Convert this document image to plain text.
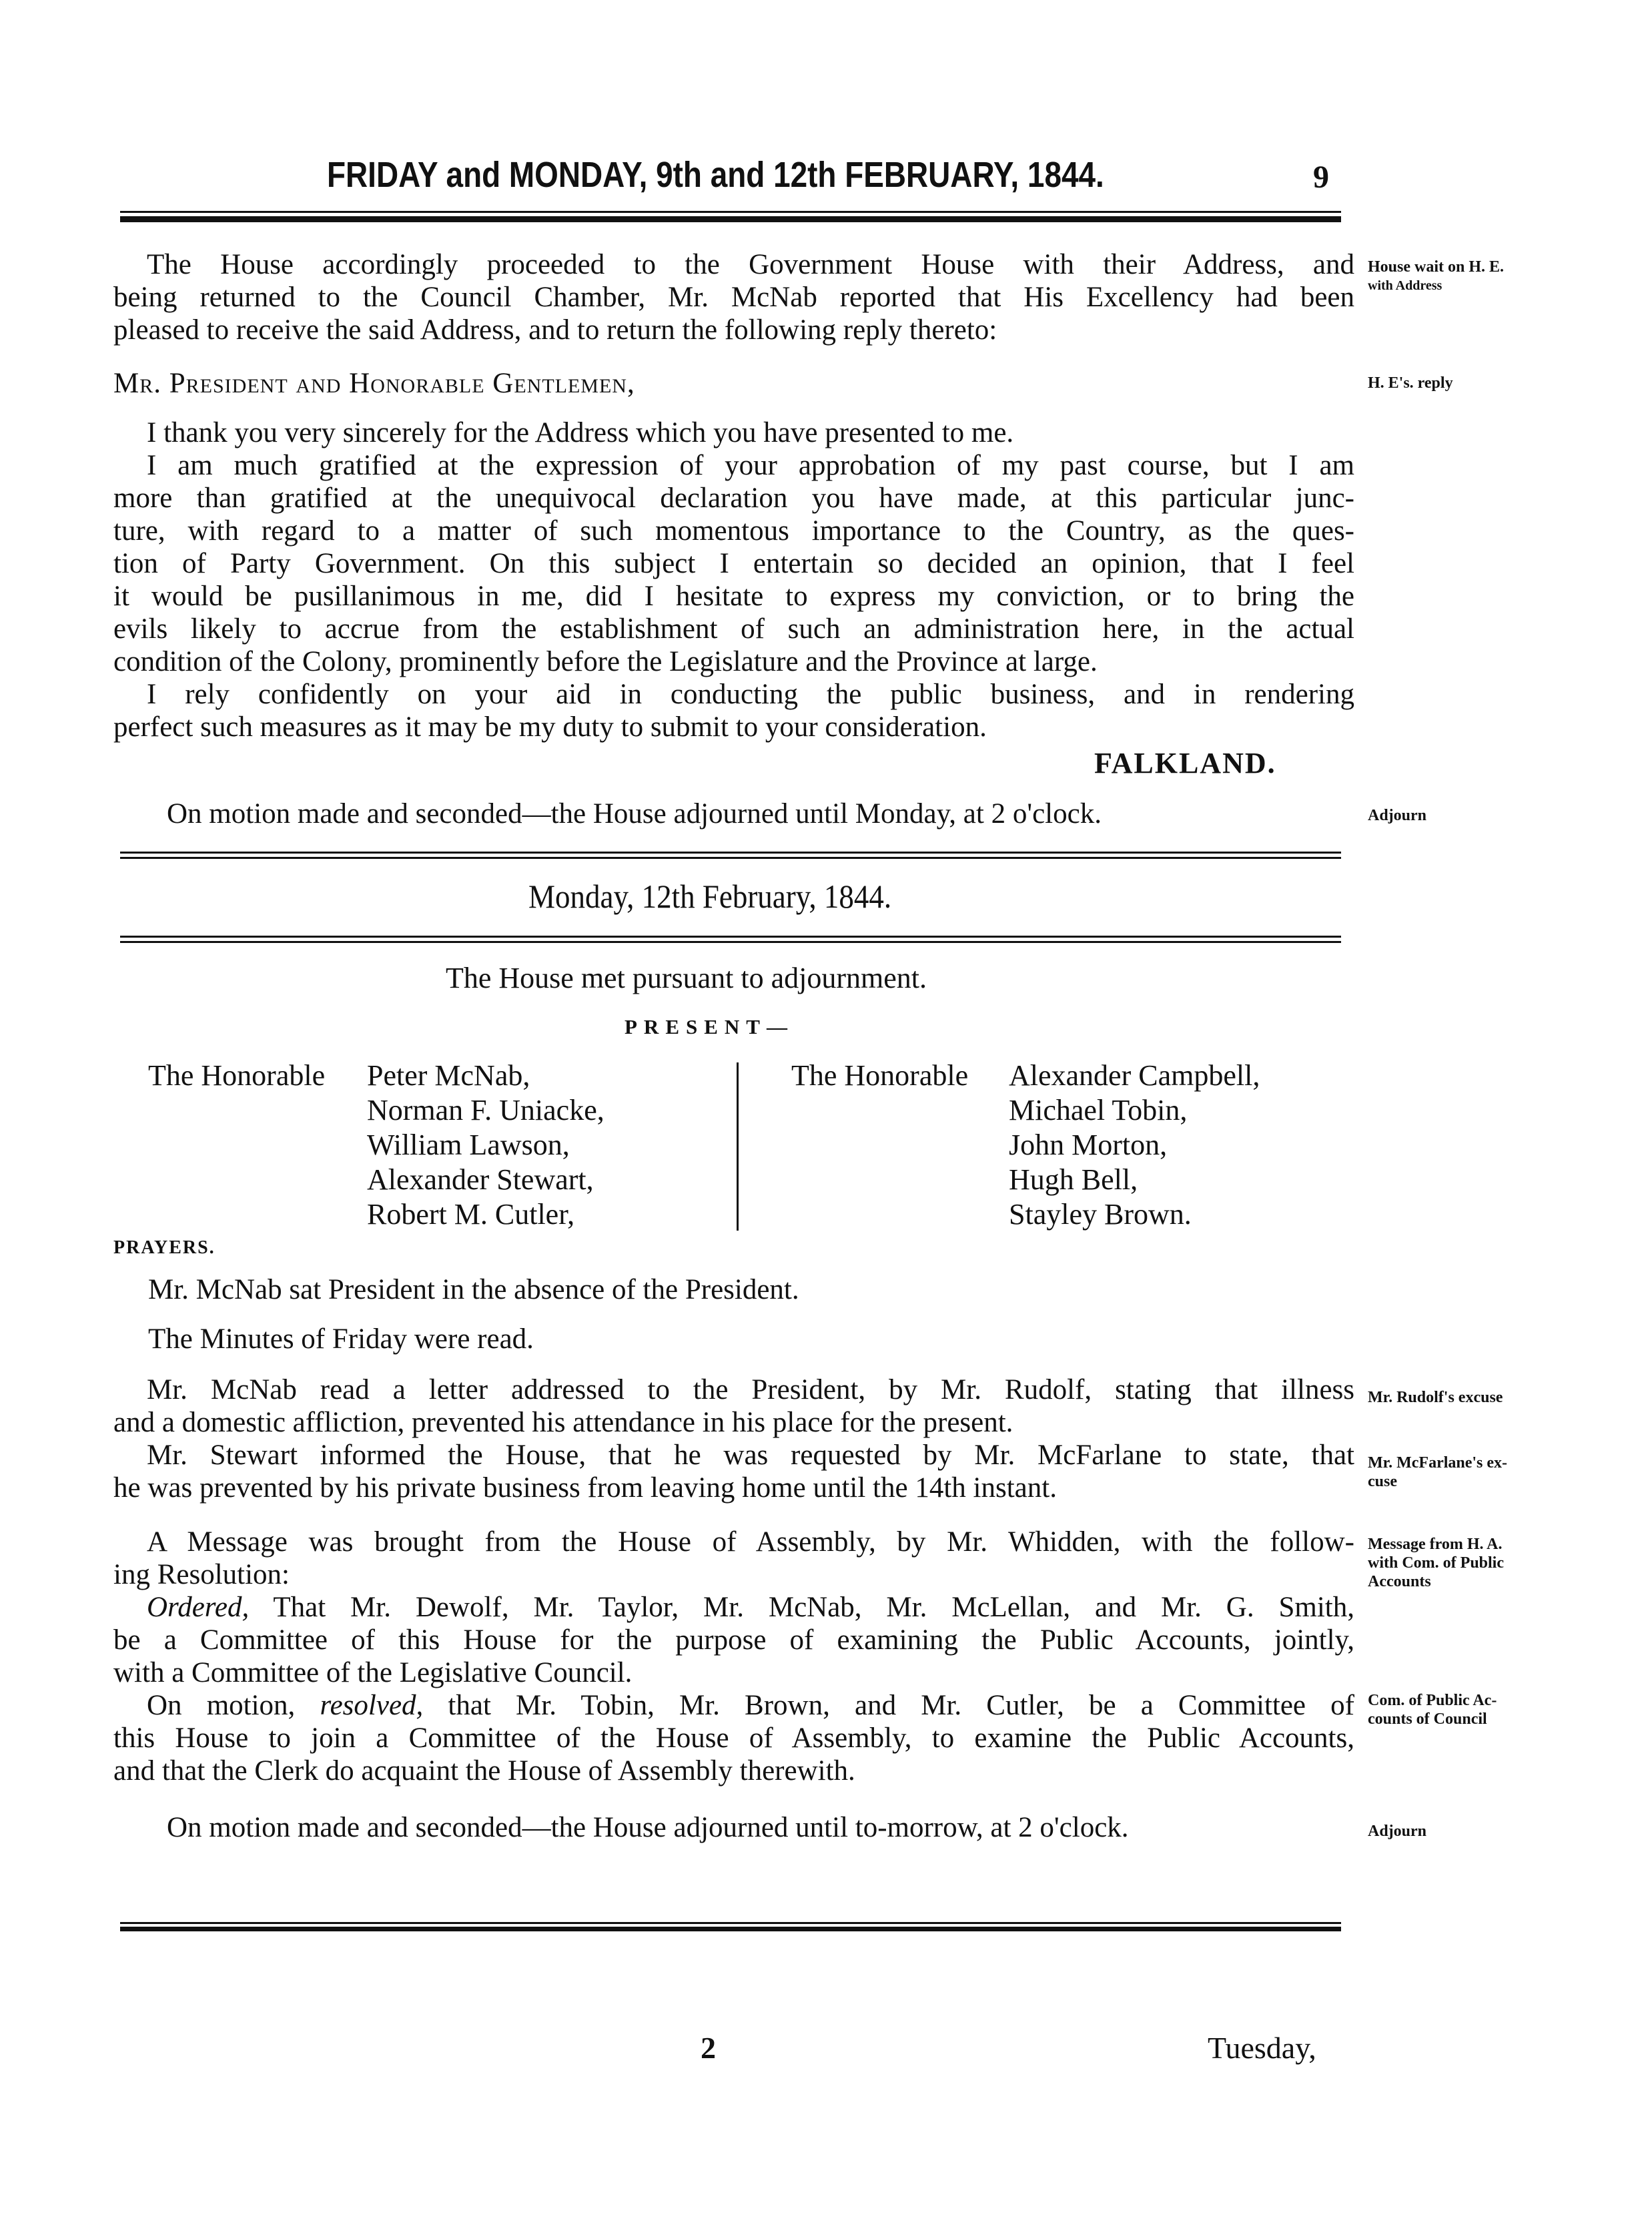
FRIDAY and MONDAY, 9th and 12th FEBRUARY, 1844.	9
The House accordingly proceeded to the Government House with their Address, and
being returned to the Council Chamber, Mr. McNab reported that His Excellency had been
pleased to receive the said Address, and to return the following reply thereto:
Mr. President and Honorable Gentlemen,
I thank you very sincerely for the Address which you have presented to me.
I am much gratified at the expression of your approbation of my past course, but I am
more than gratified at the unequivocal declaration you have made, at this particular junc-
ture, with regard to a matter of such momentous importance to the Country, as the ques-
tion of Party Government. On this subject I entertain so decided an opinion, that I feel
it would be pusillanimous in me, did I hesitate to express my conviction, or to bring the
evils likely to accrue from the establishment of such an administration here, in the actual
condition of the Colony, prominently before the Legislature and the Province at large.
I rely confidently on your aid in conducting the public business, and in rendering
perfect such measures as it may be my duty to submit to your consideration.
FALKLAND.
On motion made and seconded—the House adjourned until Monday, at 2 o'clock.
Monday, 12th February, 1844.
The House met pursuant to adjournment.
PRESENT—
The Honorable Peter McNab,
Norman F. Uniacke,
William Lawson,
Alexander Stewart,
Robert M. Cutler,
The Honorable Alexander Campbell,
Michael Tobin,
John Morton,
Hugh Bell,
Stayley Brown.
PRAYERS.
Mr. McNab sat President in the absence of the President.
The Minutes of Friday were read.
Mr. McNab read a letter addressed to the President, by Mr. Rudolf, stating that illness
and a domestic affliction, prevented his attendance in his place for the present.
Mr. Stewart informed the House, that he was requested by Mr. McFarlane to state, that
he was prevented by his private business from leaving home until the 14th instant.
A Message was brought from the House of Assembly, by Mr. Whidden, with the follow-
ing Resolution:
Ordered, That Mr. Dewolf, Mr. Taylor, Mr. McNab, Mr. McLellan, and Mr. G. Smith,
be a Committee of this House for the purpose of examining the Public Accounts, jointly,
with a Committee of the Legislative Council.
On motion, resolved, that Mr. Tobin, Mr. Brown, and Mr. Cutler, be a Committee of
this House to join a Committee of the House of Assembly, to examine the Public Accounts,
and that the Clerk do acquaint the House of Assembly therewith.
On motion made and seconded—the House adjourned until to-morrow, at 2 o'clock.
House wait on H. E.
with Address
H. E's. reply
Adjourn
Mr. Rudolf's excuse
Mr. McFarlane's ex-
cuse
Message from H. A.
with Com. of Public
Accounts
Com. of Public Ac-
counts of Council
Adjourn
2	Tuesday,
